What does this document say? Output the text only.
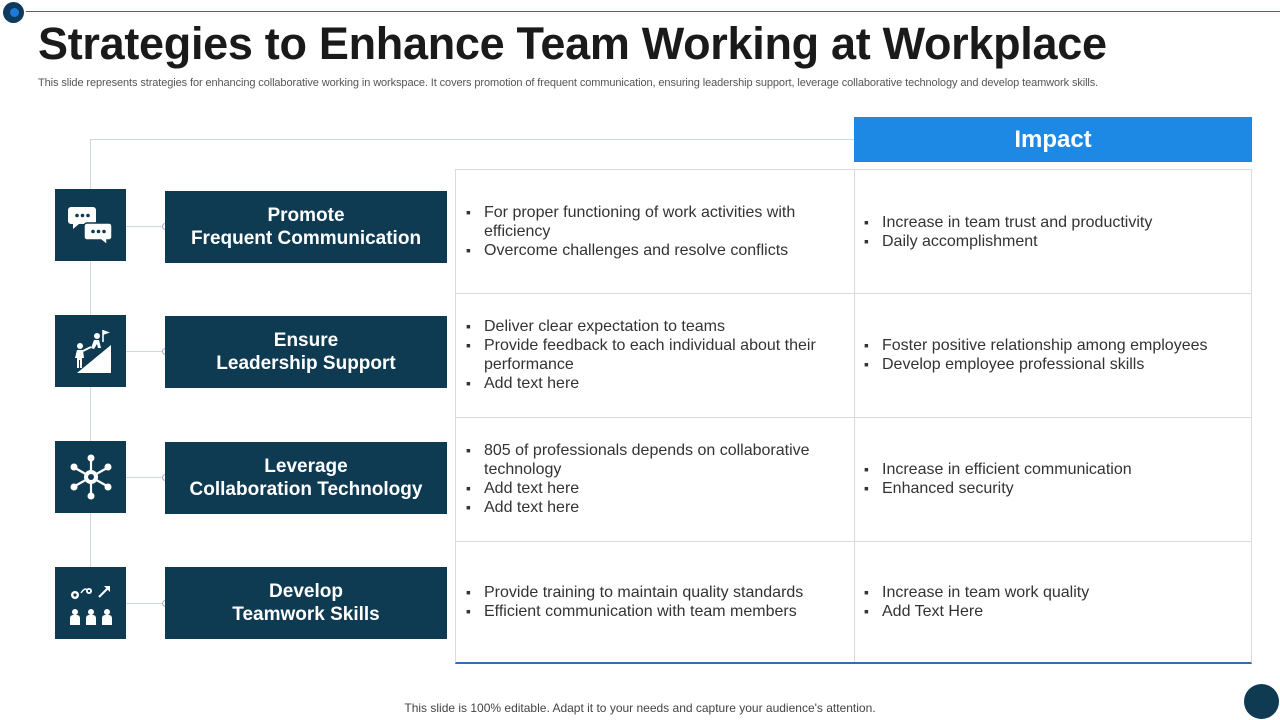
Strategies to Enhance Team Working at Workplace
This slide represents strategies for enhancing collaborative working in workspace. It covers promotion of frequent communication, ensuring leadership support, leverage collaborative technology and develop teamwork skills.
Promote
Frequent Communication
Ensure
Leadership Support
Leverage
Collaboration Technology
Develop
Teamwork Skills
Impact
▪ For proper functioning of work activities with efficiency
▪ Overcome challenges and resolve conflicts
▪ Increase in team trust and productivity
▪ Daily accomplishment
▪ Deliver clear expectation to teams
▪ Provide feedback to each individual about their performance
▪ Add text here
▪ Foster positive relationship among employees
▪ Develop employee professional skills
▪ 805 of professionals depends on collaborative technology
▪ Add text here
▪ Add text here
▪ Increase in efficient communication
▪ Enhanced security
▪ Provide training to maintain quality standards
▪ Efficient communication with team members
▪ Increase in team work quality
▪ Add Text Here
This slide is 100% editable. Adapt it to your needs and capture your audience's attention.
